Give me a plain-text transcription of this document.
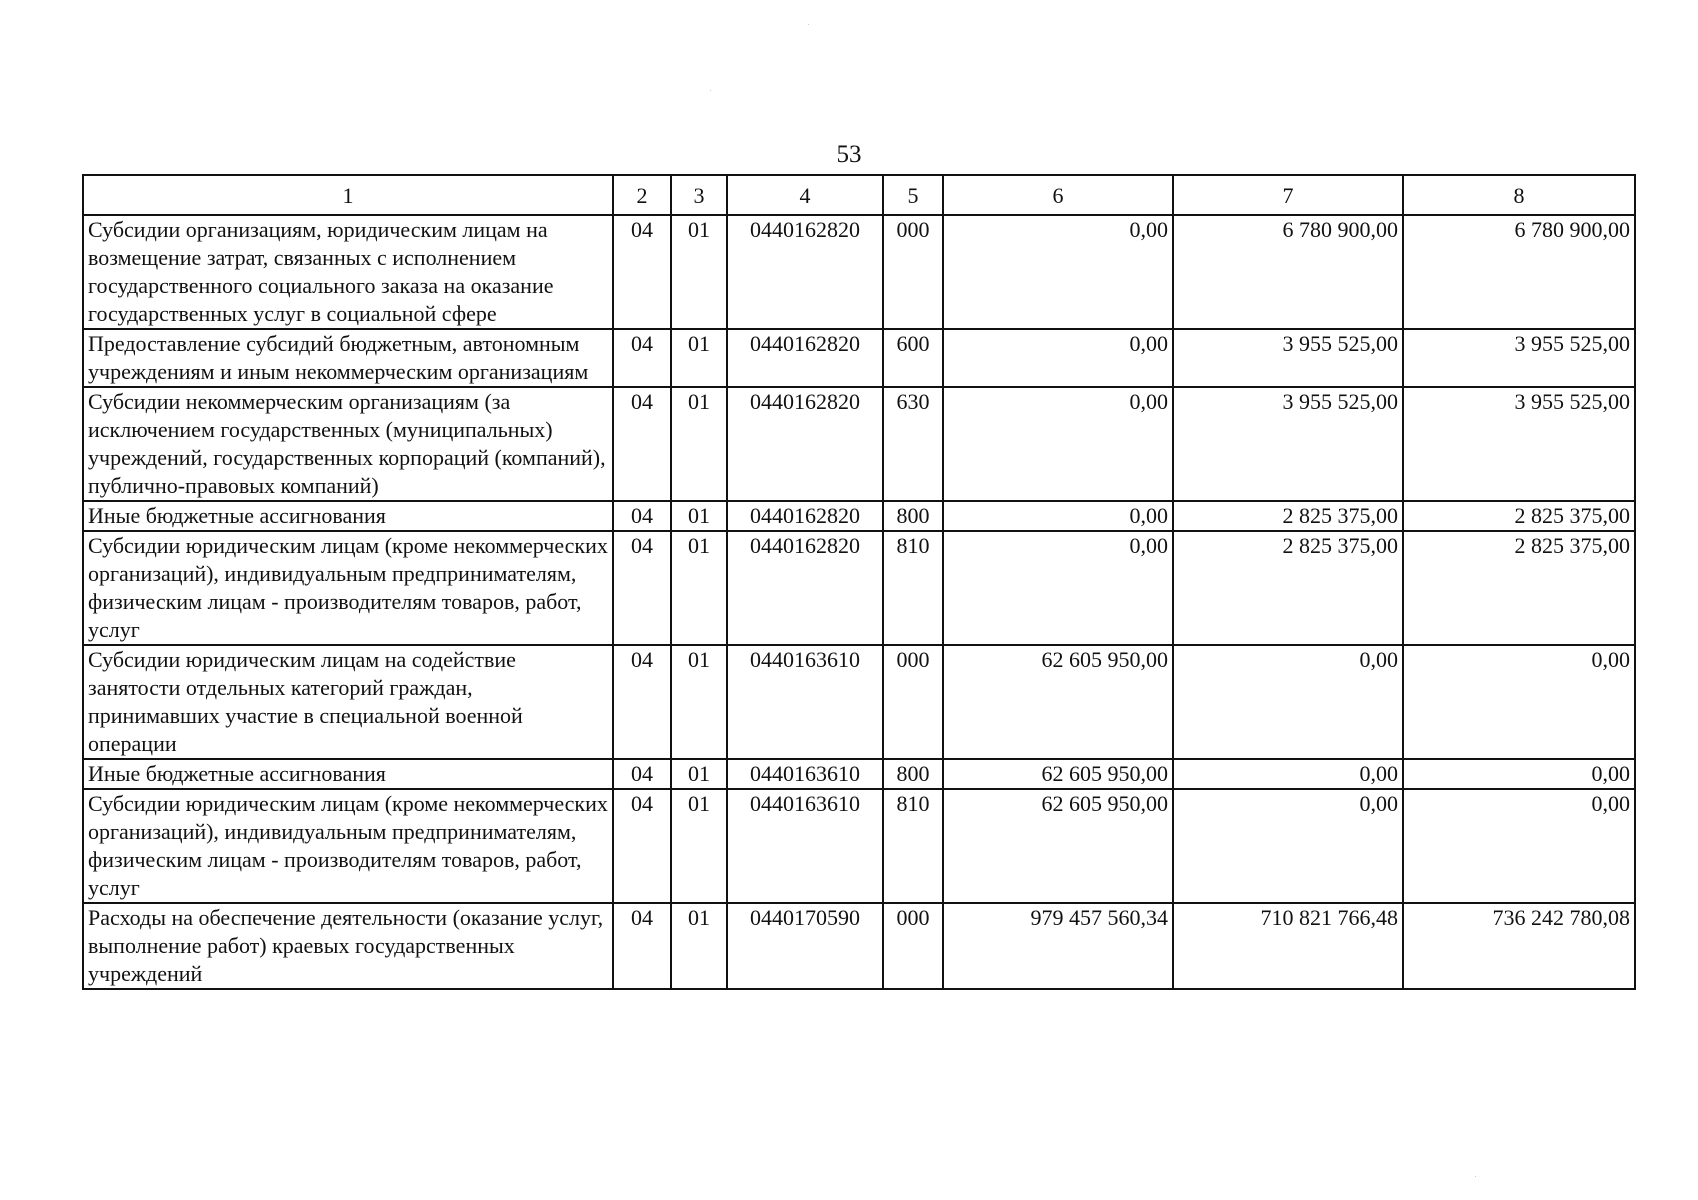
53
1	2	3	4	5	6	7	8
Субсидии организациям, юридическим лицам на возмещение затрат, связанных с исполнением государственного социального заказа на оказание государственных услуг в социальной сфере	04	01	0440162820	000	0,00	6 780 900,00	6 780 900,00
Предоставление субсидий бюджетным, автономным учреждениям и иным некоммерческим организациям	04	01	0440162820	600	0,00	3 955 525,00	3 955 525,00
Субсидии некоммерческим организациям (за исключением государственных (муниципальных) учреждений, государственных корпораций (компаний), публично-правовых компаний)	04	01	0440162820	630	0,00	3 955 525,00	3 955 525,00
Иные бюджетные ассигнования	04	01	0440162820	800	0,00	2 825 375,00	2 825 375,00
Субсидии юридическим лицам (кроме некоммерческих организаций), индивидуальным предпринимателям, физическим лицам - производителям товаров, работ, услуг	04	01	0440162820	810	0,00	2 825 375,00	2 825 375,00
Субсидии юридическим лицам на содействие занятости отдельных категорий граждан, принимавших участие в специальной военной операции	04	01	0440163610	000	62 605 950,00	0,00	0,00
Иные бюджетные ассигнования	04	01	0440163610	800	62 605 950,00	0,00	0,00
Субсидии юридическим лицам (кроме некоммерческих организаций), индивидуальным предпринимателям, физическим лицам - производителям товаров, работ, услуг	04	01	0440163610	810	62 605 950,00	0,00	0,00
Расходы на обеспечение деятельности (оказание услуг, выполнение работ) краевых государственных учреждений	04	01	0440170590	000	979 457 560,34	710 821 766,48	736 242 780,08
